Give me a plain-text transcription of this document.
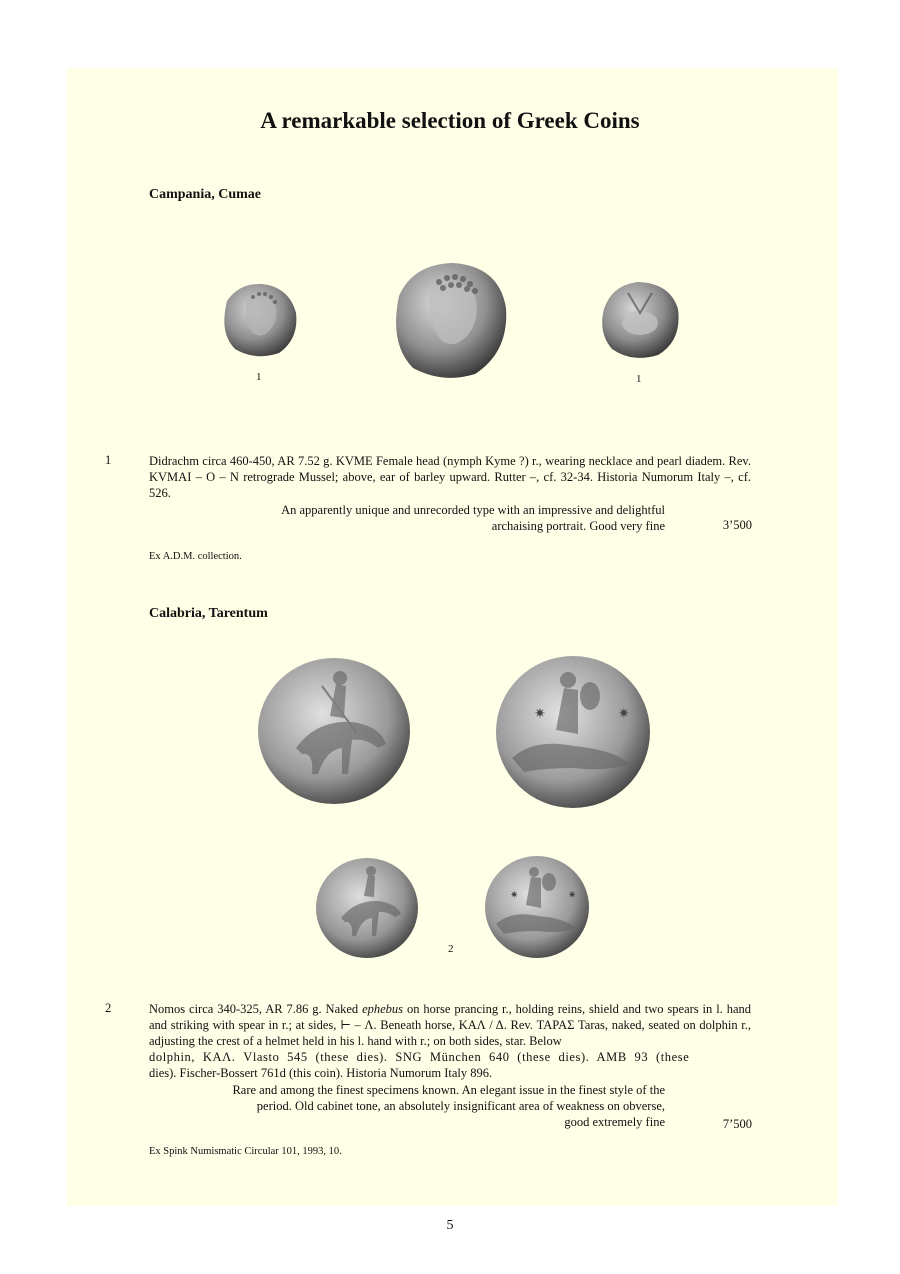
A remarkable selection of Greek Coins
Campania, Cumae
1	1
1	Didrachm circa 460-450, AR 7.52 g. KVME Female head (nymph Kyme ?) r., wearing necklace and pearl diadem. Rev. KVMAI – O – N retrograde Mussel; above, ear of barley upward. Rutter –, cf. 32-34. Historia Numorum Italy –, cf. 526.

An apparently unique and unrecorded type with an impressive and delightful
archaising portrait. Good very fine	3’500
Ex A.D.M. collection.
Calabria, Tarentum
✷	✷
✷	✷
2
2	Nomos circa 340-325, AR 7.86 g. Naked ephebus on horse prancing r., holding reins, shield and two spears in l. hand and striking with spear in r.; at sides, ⊢ – Λ. Beneath horse, ΚΑΛ / Δ. Rev. ΤΑΡΑΣ Taras, naked, seated on dolphin r., adjusting the crest of a helmet held in his l. hand with r.; on both sides, star. Below

dolphin, ΚΑΛ. Vlasto 545 (these dies). SNG München 640 (these dies). AMB 93 (these

dies). Fischer-Bossert 761d (this coin). Historia Numorum Italy 896.

Rare and among the finest specimens known. An elegant issue in the finest style of the
period. Old cabinet tone, an absolutely insignificant area of weakness on obverse,
good extremely fine	7’500
Ex Spink Numismatic Circular 101, 1993, 10.
5
